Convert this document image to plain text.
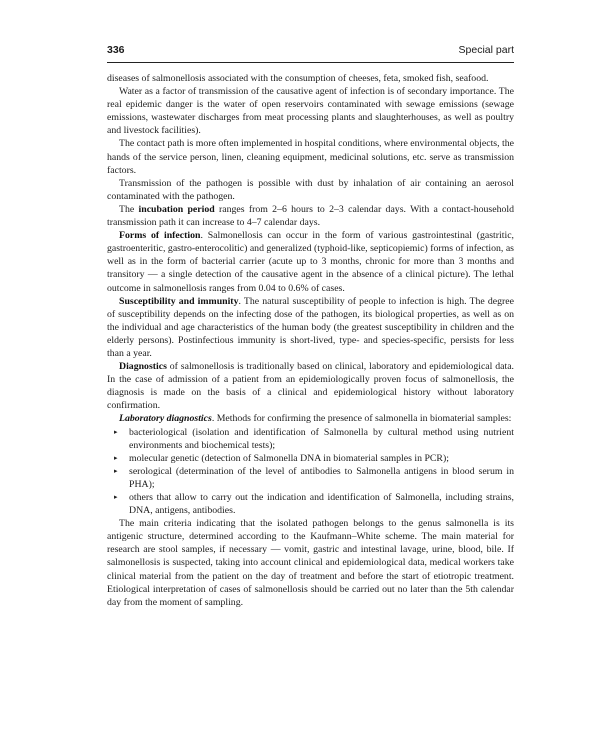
336	Special part

diseases of salmonellosis associated with the consumption of cheeses, feta, smoked fish, seafood.

Water as a factor of transmission of the causative agent of infection is of secondary importance. The real epidemic danger is the water of open reservoirs contaminated with sewage emissions (sewage emissions, wastewater discharges from meat processing plants and slaughterhouses, as well as poultry and livestock facilities).

The contact path is more often implemented in hospital conditions, where environmental objects, the hands of the service person, linen, cleaning equipment, medicinal solutions, etc. serve as transmission factors.

Transmission of the pathogen is possible with dust by inhalation of air containing an aerosol contaminated with the pathogen.

The incubation period ranges from 2–6 hours to 2–3 calendar days. With a contact-household transmission path it can increase to 4–7 calendar days.

Forms of infection. Salmonellosis can occur in the form of various gastrointestinal (gastritic, gastroenteritic, gastro-enterocolitic) and generalized (typhoid-like, septicopiemic) forms of infection, as well as in the form of bacterial carrier (acute up to 3 months, chronic for more than 3 months and transitory — a single detection of the causative agent in the absence of a clinical picture). The lethal outcome in salmonellosis ranges from 0.04 to 0.6% of cases.

Susceptibility and immunity. The natural susceptibility of people to infection is high. The degree of susceptibility depends on the infecting dose of the pathogen, its biological properties, as well as on the individual and age characteristics of the human body (the greatest susceptibility in children and the elderly persons). Postinfectious immunity is short-lived, type- and species-specific, persists for less than a year.

Diagnostics of salmonellosis is traditionally based on clinical, laboratory and epidemiological data. In the case of admission of a patient from an epidemiologically proven focus of salmonellosis, the diagnosis is made on the basis of a clinical and epidemiological history without laboratory confirmation.

Laboratory diagnostics. Methods for confirming the presence of salmonella in biomaterial samples:

▸ bacteriological (isolation and identification of Salmonella by cultural method using nutrient environments and biochemical tests);
▸ molecular genetic (detection of Salmonella DNA in biomaterial samples in PCR);
▸ serological (determination of the level of antibodies to Salmonella antigens in blood serum in PHA);
▸ others that allow to carry out the indication and identification of Salmonella, including strains, DNA, antigens, antibodies.

The main criteria indicating that the isolated pathogen belongs to the genus salmonella is its antigenic structure, determined according to the Kaufmann–White scheme. The main material for research are stool samples, if necessary — vomit, gastric and intestinal lavage, urine, blood, bile. If salmonellosis is suspected, taking into account clinical and epidemiological data, medical workers take clinical material from the patient on the day of treatment and before the start of etiotropic treatment. Etiological interpretation of cases of salmonellosis should be carried out no later than the 5th calendar day from the moment of sampling.
